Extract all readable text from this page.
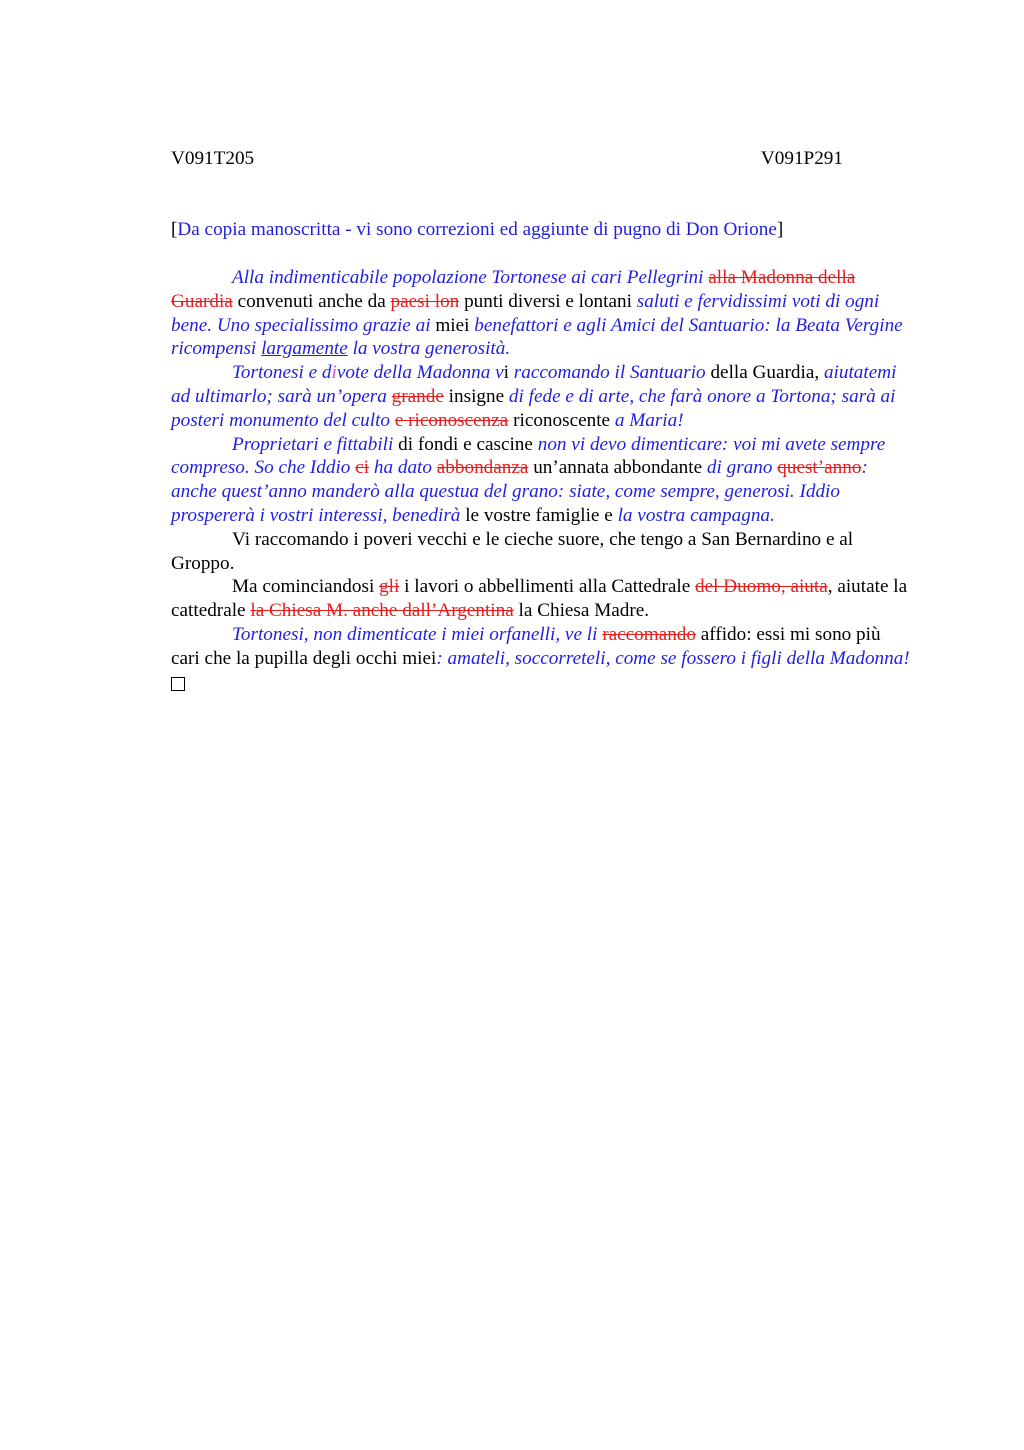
V091T205	V091P291
[Da copia manoscritta - vi sono correzioni ed aggiunte di pugno di Don Orione]

Alla indimenticabile popolazione Tortonese ai cari Pellegrini alla Madonna della Guardia convenuti anche da paesi lon punti diversi e lontani saluti e fervidissimi voti di ogni bene. Uno specialissimo grazie ai miei benefattori e agli Amici del Santuario: la Beata Vergine ricompensi largamente la vostra generosità.

Tortonesi e divote della Madonna vi raccomando il Santuario della Guardia, aiutatemi ad ultimarlo; sarà un’opera grande insigne di fede e di arte, che farà onore a Tortona; sarà ai posteri monumento del culto e riconoscenza riconoscente a Maria!

Proprietari e fittabili di fondi e cascine non vi devo dimenticare: voi mi avete sempre compreso. So che Iddio ci ha dato abbondanza un’annata abbondante di grano quest’anno: anche quest’anno manderò alla questua del grano: siate, come sempre, generosi. Iddio prospererà i vostri interessi, benedirà le vostre famiglie e la vostra campagna.

Vi raccomando i poveri vecchi e le cieche suore, che tengo a San Bernardino e al Groppo.

Ma cominciandosi gli i lavori o abbellimenti alla Cattedrale del Duomo, aiuta, aiutate la cattedrale la Chiesa M. anche dall’Argentina la Chiesa Madre.

Tortonesi, non dimenticate i miei orfanelli, ve li raccomando affido: essi mi sono più cari che la pupilla degli occhi miei: amateli, soccorreteli, come se fossero i figli della Madonna!
